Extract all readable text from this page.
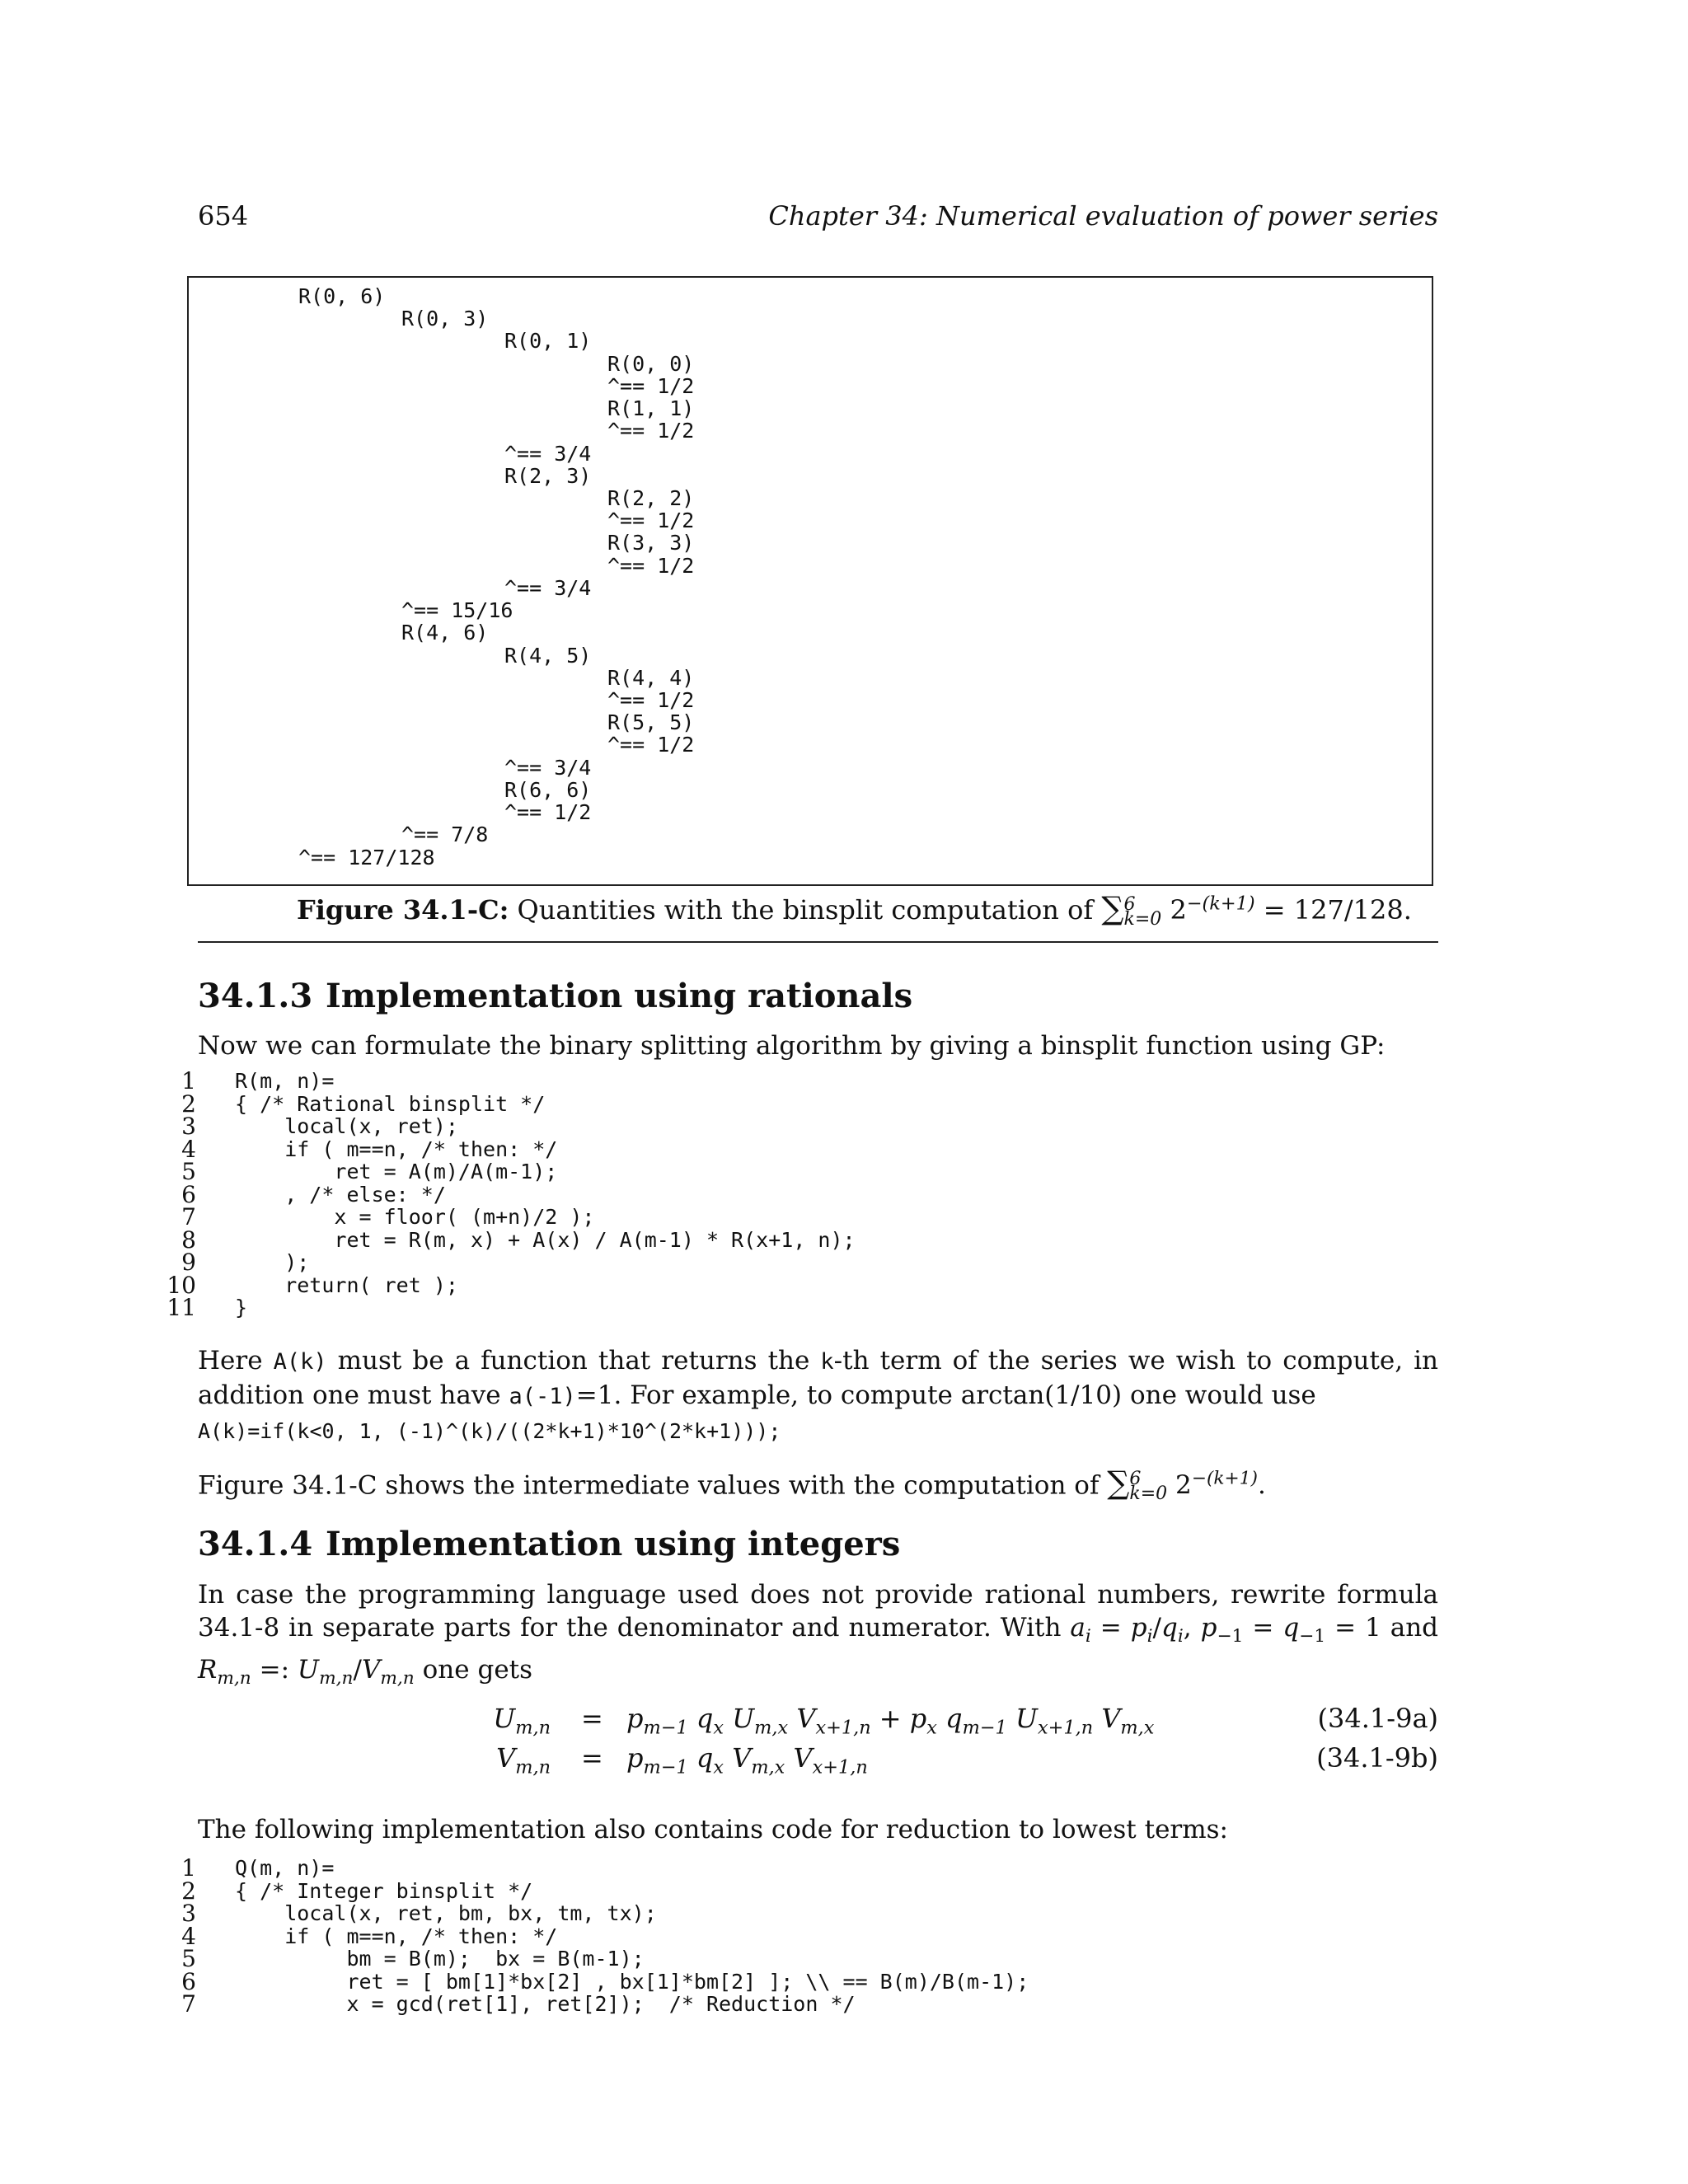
654	Chapter 34: Numerical evaluation of power series
R(0, 6)
R(0, 3)
R(0, 1)
R(0, 0)
^== 1/2
R(1, 1)
^== 1/2
^== 3/4
R(2, 3)
R(2, 2)
^== 1/2
R(3, 3)
^== 1/2
^== 3/4
^== 15/16
R(4, 6)
R(4, 5)
R(4, 4)
^== 1/2
R(5, 5)
^== 1/2
^== 3/4
R(6, 6)
^== 1/2
^== 7/8
^== 127/128
Figure 34.1-C: Quantities with the binsplit computation of ∑ 6
k=0 $2^{-(k+1)} = 127/128$.
34.1.3 Implementation using rationals
Now we can formulate the binary splitting algorithm by giving a binsplit function using GP:
1 R(m, n)=
2 { /* Rational binsplit */
3 local(x, ret);
4 if ( m==n, /* then: */
5 ret = A(m)/A(m-1);
6 , /* else: */
7 x = floor( (m+n)/2 );
8 ret = R(m, x) + A(x) / A(m-1) * R(x+1, n);
9 );
10 return( ret );
11 }
Here A(k) must be a function that returns the k-th term of the series we wish to compute, in addition one must have a(-1)=1. For example, to compute arctan(1/10) one would use
A(k)=if(k<0, 1, (-1)^(k)/((2*k+1)*10^(2*k+1)));
Figure 34.1-C shows the intermediate values with the computation of ∑ 6
k=0 $2^{-(k+1)}$.
34.1.4 Implementation using integers
In case the programming language used does not provide rational numbers, rewrite formula 34.1-8 in separate parts for the denominator and numerator. With $a_i = p_i/q_i$, $p_{-1} = q_{-1} = 1$ and $R_{m,n}$ =: $U_{m,n}/V_{m,n}$ one gets
$U_{m,n} = p_{m-1}$ $q_x$ $U_{m,x}$ $V_{x+1,n} + p_x$ $q_{m-1}$ $U_{x+1,n}$ $V_{m,x}$	(34.1-9a)
$V_{m,n} = p_{m-1}$ $q_x$ $V_{m,x}$ $V_{x+1,n}$	(34.1-9b)
The following implementation also contains code for reduction to lowest terms:
1 Q(m, n)=
2 { /* Integer binsplit */
3 local(x, ret, bm, bx, tm, tx);
4 if ( m==n, /* then: */
5 bm = B(m);  bx = B(m-1);
6 ret = [ bm[1]*bx[2] , bx[1]*bm[2] ]; \\ == B(m)/B(m-1);
7 x = gcd(ret[1], ret[2]);  /* Reduction */
